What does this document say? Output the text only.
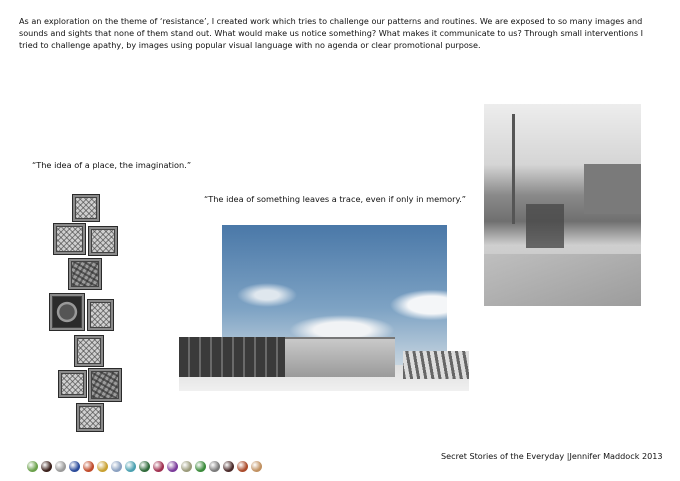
As an exploration on the theme of ‘resistance’, I created work which tries to challenge our patterns and routines. We are exposed to so many images and sounds and sights that none of them stand out. What would make us notice something? What makes it communicate to us? Through small interventions I tried to challenge apathy, by images using popular visual language with no agenda or clear promotional purpose.
“The idea of a place, the imagination.”
“The idea of something leaves a trace, even if only in memory.”
Secret Stories of the Everyday |Jennifer Maddock 2013
